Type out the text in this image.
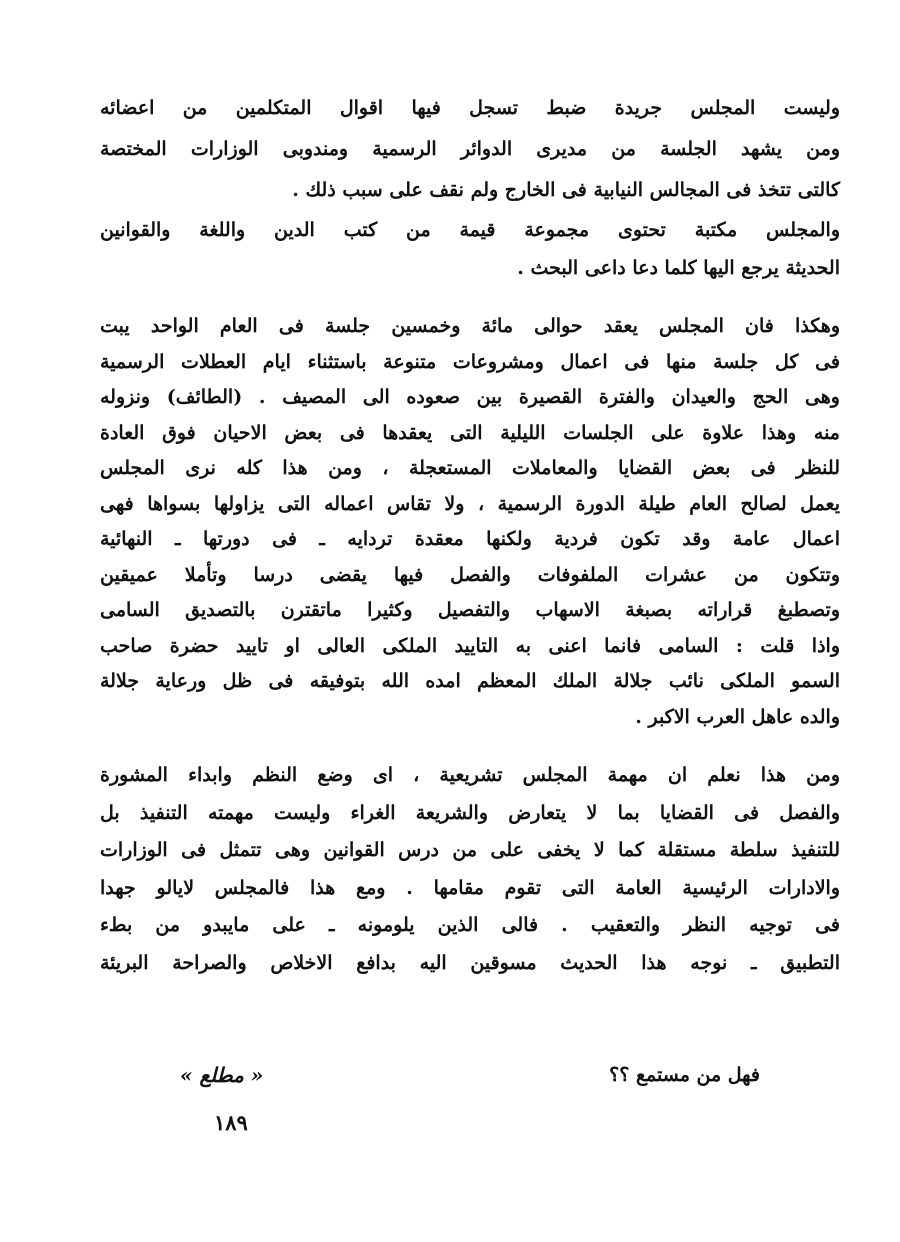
وليست المجلس جريدة ضبط تسجل فيها اقوال المتكلمين من اعضائه
ومن يشهد الجلسة من مديرى الدوائر الرسمية ومندوبى الوزارات المختصة
كالتى تتخذ فى المجالس النيابية فى الخارج ولم نقف على سبب ذلك .
والمجلس مكتبة تحتوى مجموعة قيمة من كتب الدين واللغة والقوانين
الحديثة يرجع اليها كلما دعا داعى البحث .
وهكذا فان المجلس يعقد حوالى مائة وخمسين جلسة فى العام الواحد يبت
فى كل جلسة منها فى اعمال ومشروعات متنوعة باستثناء ايام العطلات الرسمية
وهى الحج والعيدان والفترة القصيرة بين صعوده الى المصيف . (الطائف) ونزوله
منه وهذا علاوة على الجلسات الليلية التى يعقدها فى بعض الاحيان فوق العادة
للنظر فى بعض القضايا والمعاملات المستعجلة ، ومن هذا كله نرى المجلس
يعمل لصالح العام طيلة الدورة الرسمية ، ولا تقاس اعماله التى يزاولها بسواها فهى
اعمال عامة وقد تكون فردية ولكنها معقدة تردايه ـ فى دورتها ـ النهائية
وتتكون من عشرات الملفوفات والفصل فيها يقضى درسا وتأملا عميقين
وتصطبغ قراراته بصبغة الاسهاب والتفصيل وكثيرا ماتقترن بالتصديق السامى
واذا قلت : السامى فانما اعنى به التاييد الملكى العالى او تاييد حضرة صاحب
السمو الملكى نائب جلالة الملك المعظم امده الله بتوفيقه فى ظل ورعاية جلالة
والده عاهل العرب الاكبر .
ومن هذا نعلم ان مهمة المجلس تشريعية ، اى وضع النظم وابداء المشورة
والفصل فى القضايا بما لا يتعارض والشريعة الغراء وليست مهمته التنفيذ بل
للتنفيذ سلطة مستقلة كما لا يخفى على من درس القوانين وهى تتمثل فى الوزارات
والادارات الرئيسية العامة التى تقوم مقامها . ومع هذا فالمجلس لايالو جهدا
فى توجيه النظر والتعقيب . فالى الذين يلومونه ـ على مايبدو من بطء
التطبيق ـ نوجه هذا الحديث مسوقين اليه بدافع الاخلاص والصراحة البريئة
فهل من مستمع ؟؟
« مطلع »
١٨٩
